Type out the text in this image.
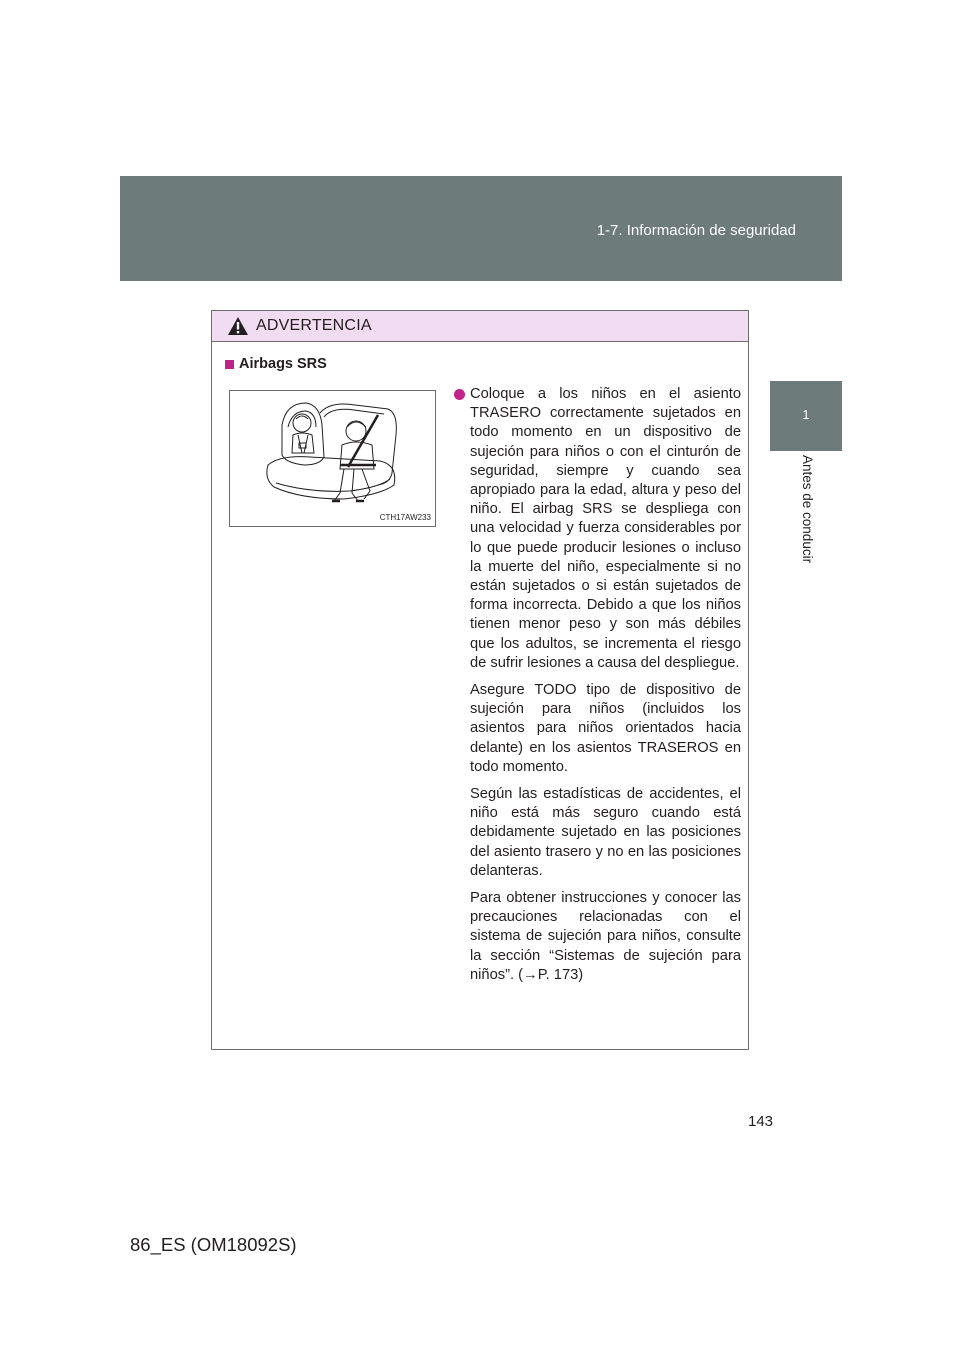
1-7. Información de seguridad
1
Antes de conducir
ADVERTENCIA
Airbags SRS
CTH17AW233

Coloque a los niños en el asiento TRASERO correctamente sujetados en todo momento en un dispositivo de sujeción para niños o con el cinturón de seguridad, siempre y cuando sea apropiado para la edad, altura y peso del niño. El airbag SRS se despliega con una velocidad y fuerza considerables por lo que puede producir lesiones o incluso la muerte del niño, especialmente si no están sujetados o si están sujetados de forma incorrecta. Debido a que los niños tienen menor peso y son más débiles que los adultos, se incrementa el riesgo de sufrir lesiones a causa del despliegue.

Asegure TODO tipo de dispositivo de sujeción para niños (incluidos los asientos para niños orientados hacia delante) en los asientos TRASEROS en todo momento.

Según las estadísticas de accidentes, el niño está más seguro cuando está debidamente sujetado en las posiciones del asiento trasero y no en las posiciones delanteras.

Para obtener instrucciones y conocer las precauciones relacionadas con el sistema de sujeción para niños, consulte la sección “Sistemas de sujeción para niños”. (→P. 173)

143
86_ES (OM18092S)
